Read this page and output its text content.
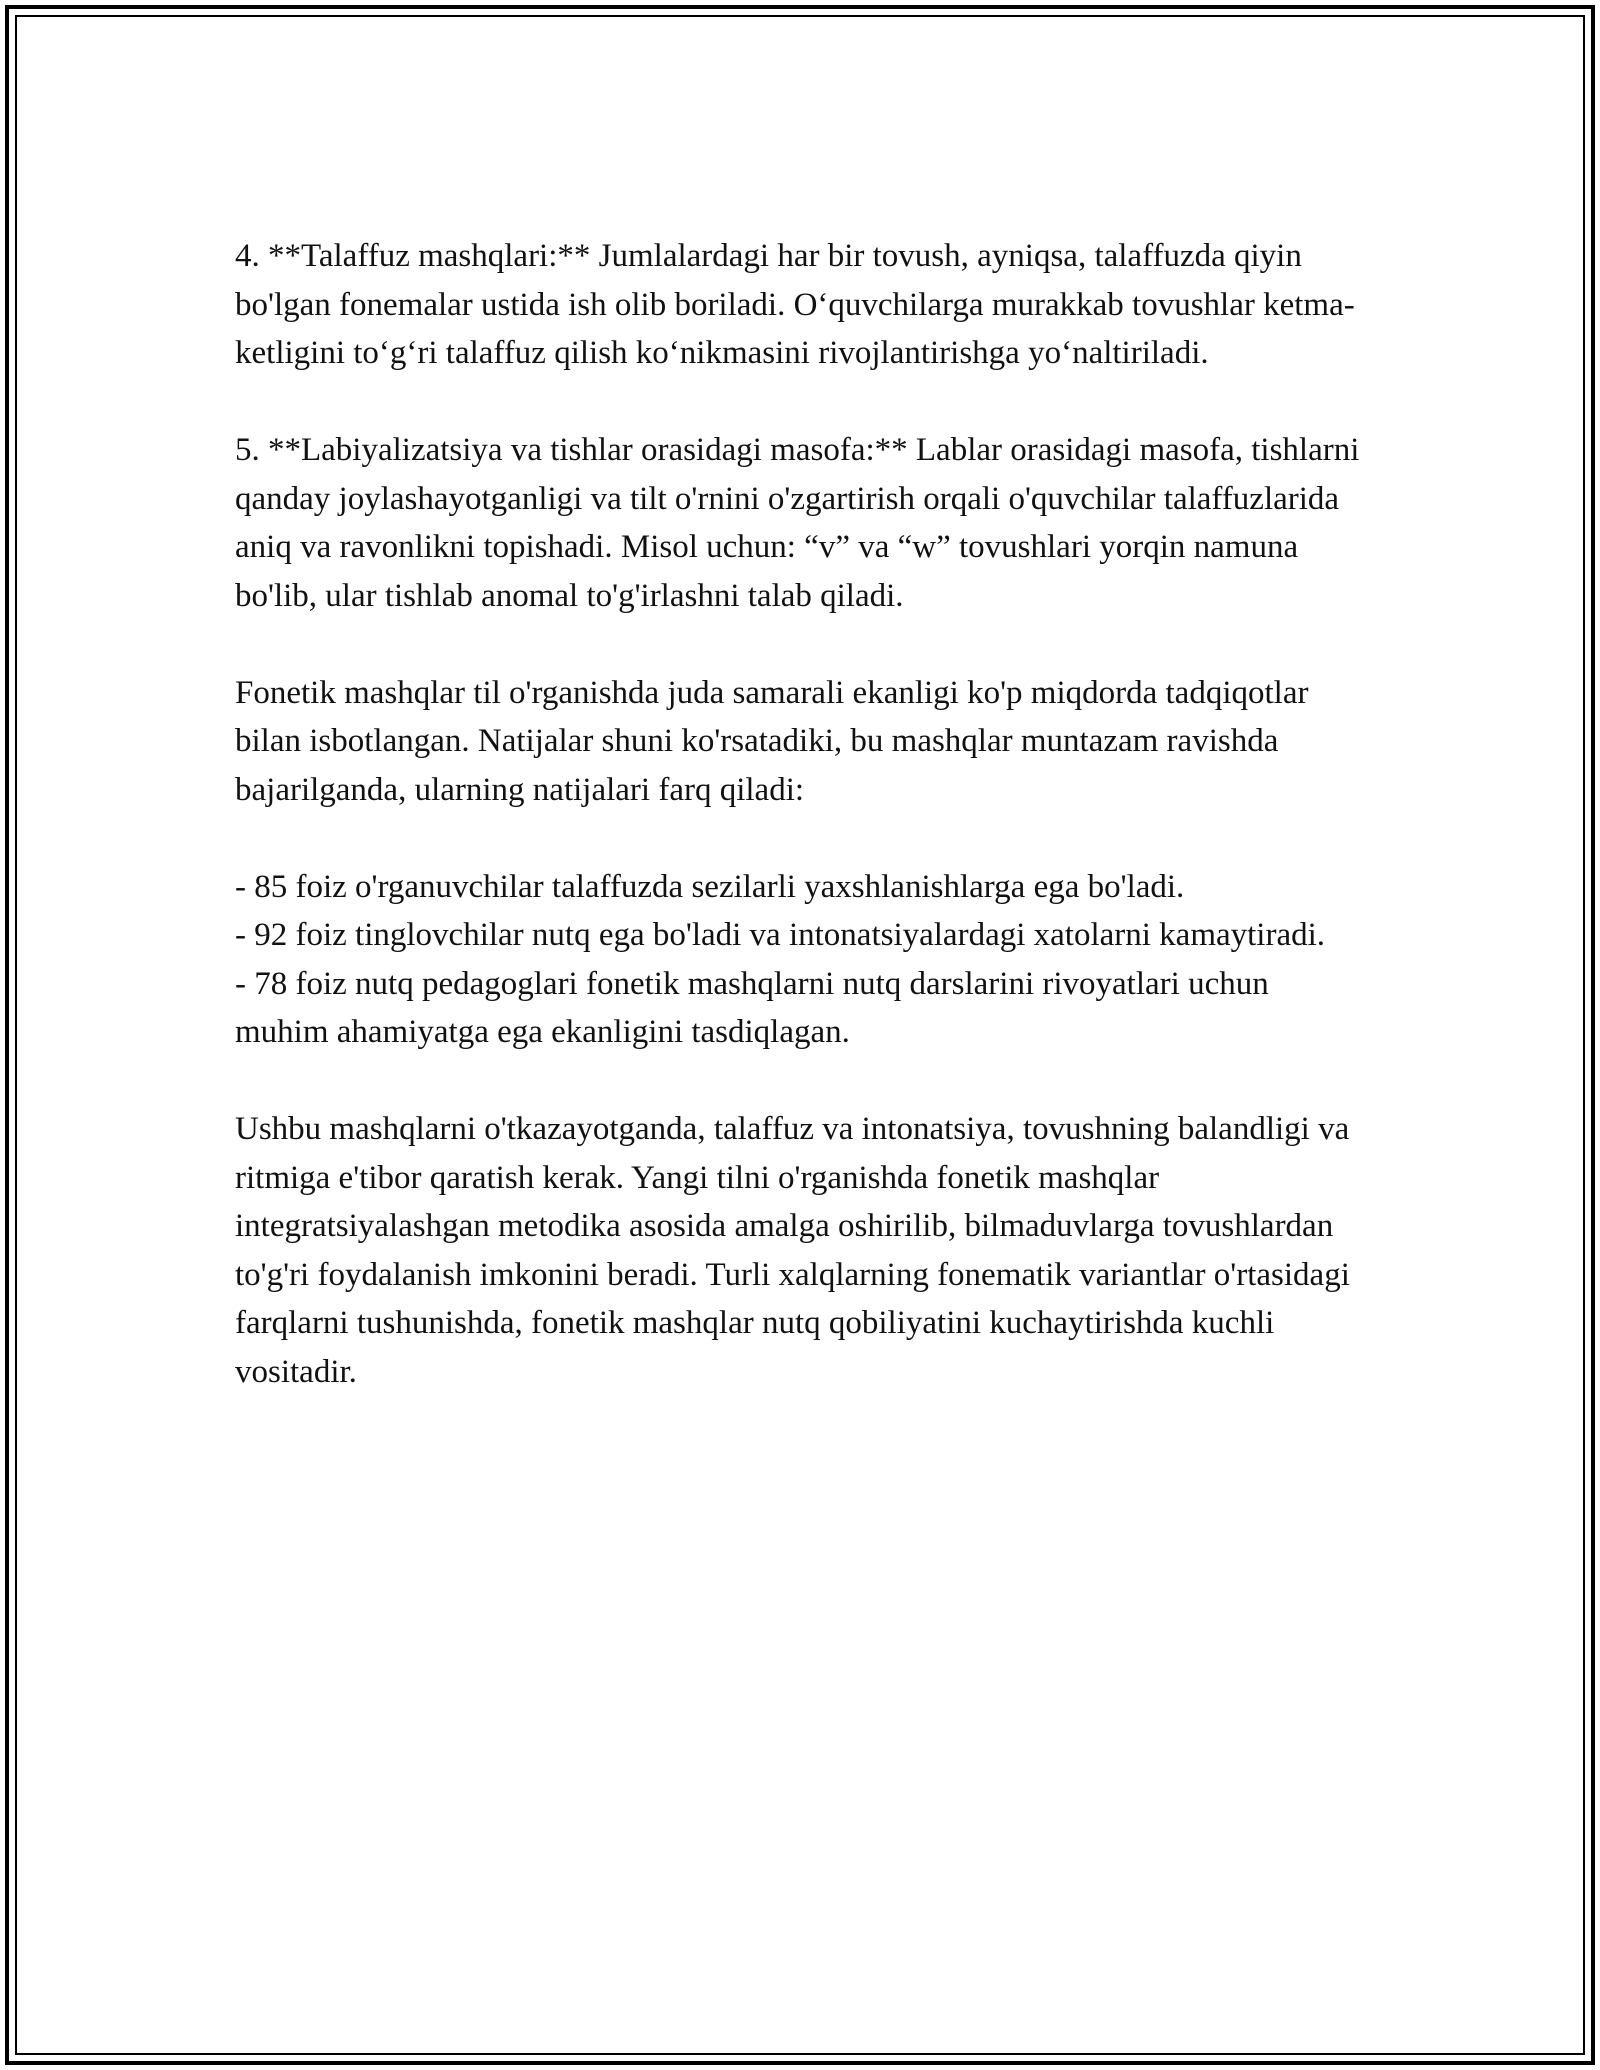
4. **Talaffuz mashqlari:** Jumlalardagi har bir tovush, ayniqsa, talaffuzda qiyin bo'lgan fonemalar ustida ish olib boriladi. O‘quvchilarga murakkab tovushlar ketma-ketligini to‘g‘ri talaffuz qilish ko‘nikmasini rivojlantirishga yo‘naltiriladi.

5. **Labiyalizatsiya va tishlar orasidagi masofa:** Lablar orasidagi masofa, tishlarni qanday joylashayotganligi va tilt o'rnini o'zgartirish orqali o'quvchilar talaffuzlarida aniq va ravonlikni topishadi. Misol uchun: “v” va “w” tovushlari yorqin namuna bo'lib, ular tishlab anomal to'g'irlashni talab qiladi.

Fonetik mashqlar til o'rganishda juda samarali ekanligi ko'p miqdorda tadqiqotlar bilan isbotlangan. Natijalar shuni ko'rsatadiki, bu mashqlar muntazam ravishda bajarilganda, ularning natijalari farq qiladi:

- 85 foiz o'rganuvchilar talaffuzda sezilarli yaxshlanishlarga ega bo'ladi.
- 92 foiz tinglovchilar nutq ega bo'ladi va intonatsiyalardagi xatolarni kamaytiradi.
- 78 foiz nutq pedagoglari fonetik mashqlarni nutq darslarini rivoyatlari uchun muhim ahamiyatga ega ekanligini tasdiqlagan.

Ushbu mashqlarni o'tkazayotganda, talaffuz va intonatsiya, tovushning balandligi va ritmiga e'tibor qaratish kerak. Yangi tilni o'rganishda fonetik mashqlar integratsiyalashgan metodika asosida amalga oshirilib, bilmaduvlarga tovushlardan to'g'ri foydalanish imkonini beradi. Turli xalqlarning fonematik variantlar o'rtasidagi farqlarni tushunishda, fonetik mashqlar nutq qobiliyatini kuchaytirishda kuchli vositadir.
